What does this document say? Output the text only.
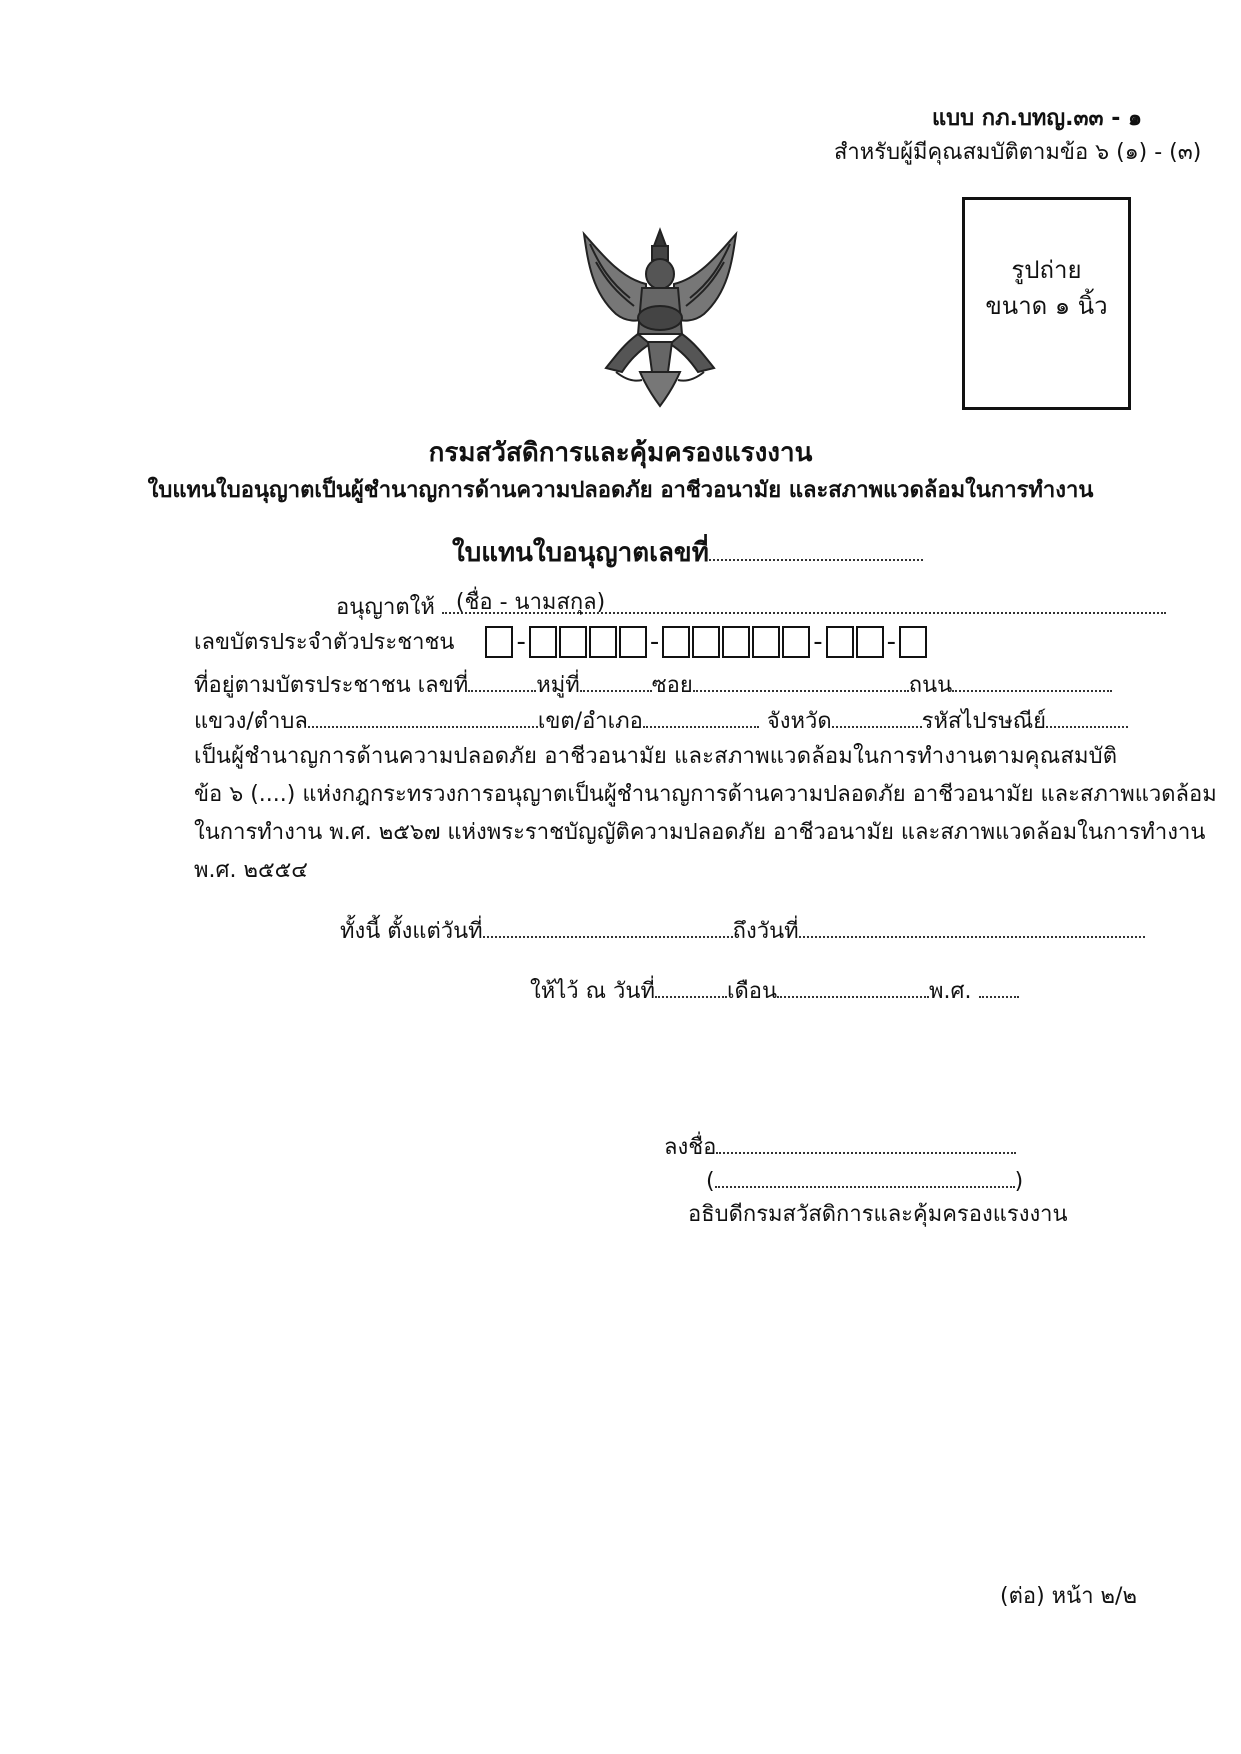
แบบ กภ.บทญ.๓๓ - ๑
สำหรับผู้มีคุณสมบัติตามข้อ ๖ (๑) - (๓)
รูปถ่าย
ขนาด ๑ นิ้ว
กรมสวัสดิการและคุ้มครองแรงงาน
ใบแทนใบอนุญาตเป็นผู้ชำนาญการด้านความปลอดภัย อาชีวอนามัย และสภาพแวดล้อมในการทำงาน
ใบแทนใบอนุญาตเลขที่
อนุญาตให้ (ชื่อ - นามสกุล)
เลขบัตรประจำตัวประชาชน -	-	- -
ที่อยู่ตามบัตรประชาชน เลขที่	หมู่ที่	ซอย	ถนน
แขวง/ตำบล	เขต/อำเภอ	จังหวัด	รหัสไปรษณีย์
เป็นผู้ชำนาญการด้านความปลอดภัย อาชีวอนามัย และสภาพแวดล้อมในการทำงานตามคุณสมบัติ
ข้อ ๖ (....) แห่งกฎกระทรวงการอนุญาตเป็นผู้ชำนาญการด้านความปลอดภัย อาชีวอนามัย และสภาพแวดล้อม
ในการทำงาน พ.ศ. ๒๕๖๗ แห่งพระราชบัญญัติความปลอดภัย อาชีวอนามัย และสภาพแวดล้อมในการทำงาน
พ.ศ. ๒๕๕๔
ทั้งนี้ ตั้งแต่วันที่	ถึงวันที่
ให้ไว้ ณ วันที่	เดือน	พ.ศ.
ลงชื่อ
(	)
อธิบดีกรมสวัสดิการและคุ้มครองแรงงาน
(ต่อ) หน้า ๒/๒
